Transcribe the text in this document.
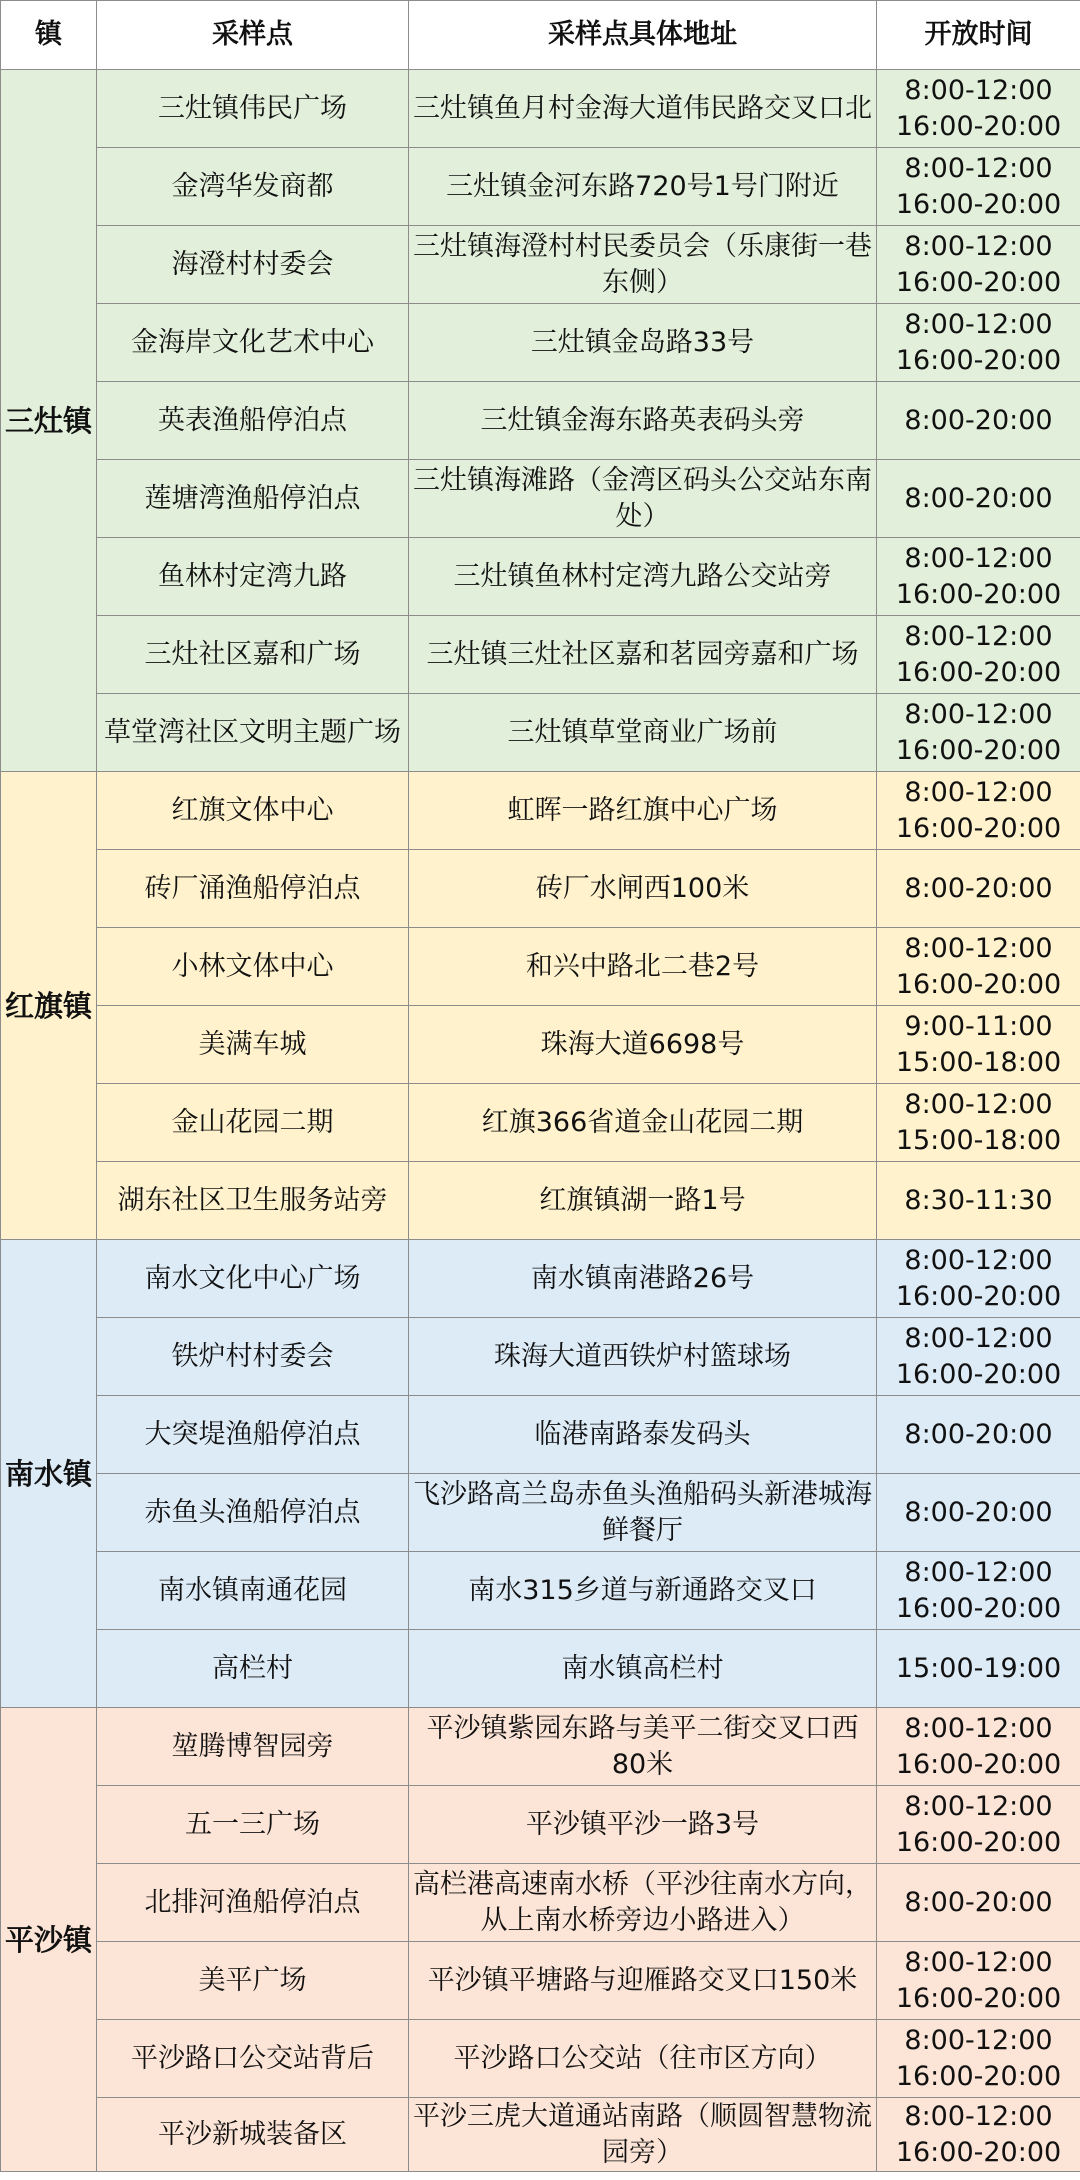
镇	采样点	采样点具体地址	开放时间
三灶镇	三灶镇伟民广场	三灶镇鱼月村金海大道伟民路交叉口北	8:00-12:00
16:00-20:00

	金湾华发商都	三灶镇金河东路720号1号门附近	8:00-12:00
16:00-20:00

	海澄村村委会	三灶镇海澄村村民委员会（乐康街一巷东侧）	8:00-12:00
16:00-20:00

	金海岸文化艺术中心	三灶镇金岛路33号	8:00-12:00
16:00-20:00

	英表渔船停泊点	三灶镇金海东路英表码头旁	8:00-20:00

	莲塘湾渔船停泊点	三灶镇海滩路（金湾区码头公交站东南处）	8:00-20:00

	鱼林村定湾九路	三灶镇鱼林村定湾九路公交站旁	8:00-12:00
16:00-20:00

	三灶社区嘉和广场	三灶镇三灶社区嘉和茗园旁嘉和广场	8:00-12:00
16:00-20:00

	草堂湾社区文明主题广场	三灶镇草堂商业广场前	8:00-12:00
16:00-20:00

红旗镇	红旗文体中心	虹晖一路红旗中心广场	8:00-12:00
16:00-20:00

	砖厂涌渔船停泊点	砖厂水闸西100米	8:00-20:00

	小林文体中心	和兴中路北二巷2号	8:00-12:00
16:00-20:00

	美满车城	珠海大道6698号	9:00-11:00
15:00-18:00

	金山花园二期	红旗366省道金山花园二期	8:00-12:00
15:00-18:00

	湖东社区卫生服务站旁	红旗镇湖一路1号	8:30-11:30

南水镇	南水文化中心广场	南水镇南港路26号	8:00-12:00
16:00-20:00

	铁炉村村委会	珠海大道西铁炉村篮球场	8:00-12:00
16:00-20:00

	大突堤渔船停泊点	临港南路泰发码头	8:00-20:00

	赤鱼头渔船停泊点	飞沙路高兰岛赤鱼头渔船码头新港城海鲜餐厅	8:00-20:00

	南水镇南通花园	南水315乡道与新通路交叉口	8:00-12:00
16:00-20:00

	高栏村	南水镇高栏村	15:00-19:00

平沙镇	堃腾博智园旁	平沙镇紫园东路与美平二街交叉口西80米	8:00-12:00
16:00-20:00

	五一三广场	平沙镇平沙一路3号	8:00-12:00
16:00-20:00

	北排河渔船停泊点	高栏港高速南水桥（平沙往南水方向，从上南水桥旁边小路进入）	8:00-20:00

	美平广场	平沙镇平塘路与迎雁路交叉口150米	8:00-12:00
16:00-20:00

	平沙路口公交站背后	平沙路口公交站（往市区方向）	8:00-12:00
16:00-20:00

	平沙新城装备区	平沙三虎大道通站南路（顺圆智慧物流园旁）	8:00-12:00
16:00-20:00
